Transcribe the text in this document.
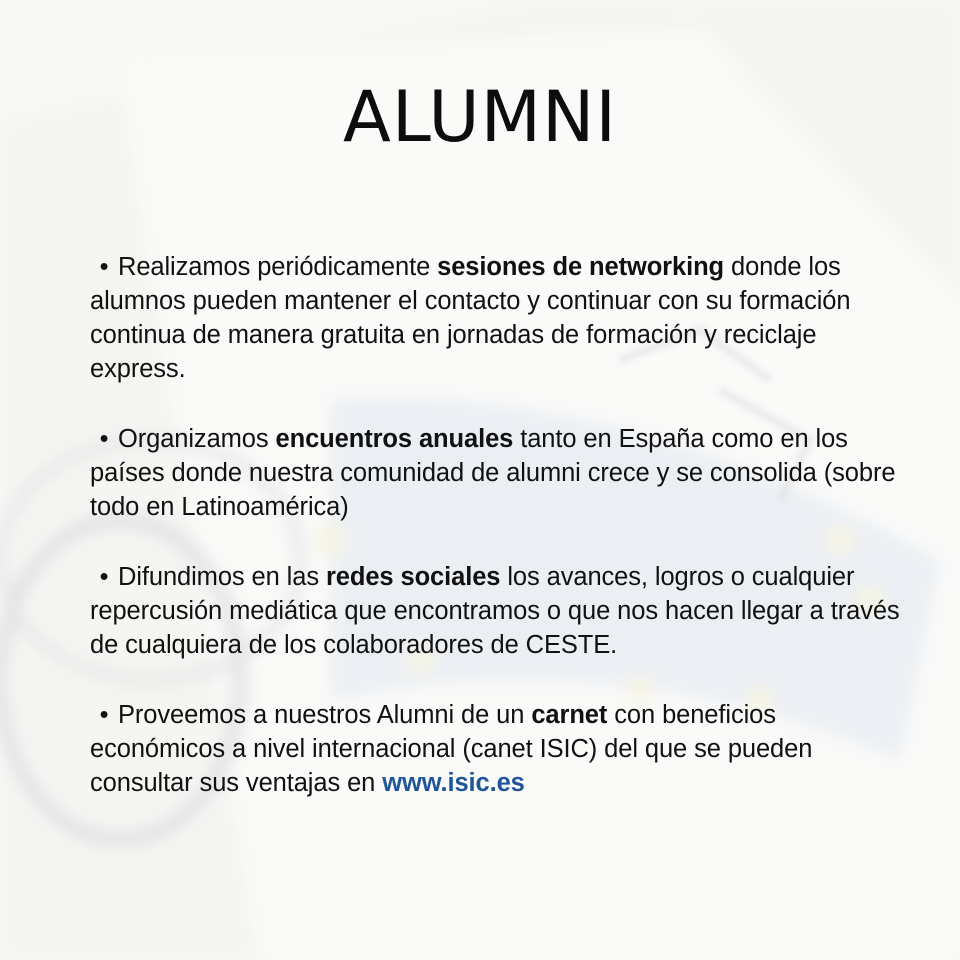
ALUMNI
• Realizamos periódicamente sesiones de networking donde los alumnos pueden mantener el contacto y continuar con su formación continua de manera gratuita en jornadas de formación y reciclaje express.
• Organizamos encuentros anuales tanto en España como en los países donde nuestra comunidad de alumni crece y se consolida (sobre todo en Latinoamérica)
• Difundimos en las redes sociales los avances, logros o cualquier repercusión mediática que encontramos o que nos hacen llegar a través de cualquiera de los colaboradores de CESTE.
• Proveemos a nuestros Alumni de un carnet con beneficios económicos a nivel internacional (canet ISIC) del que se pueden consultar sus ventajas en www.isic.es
